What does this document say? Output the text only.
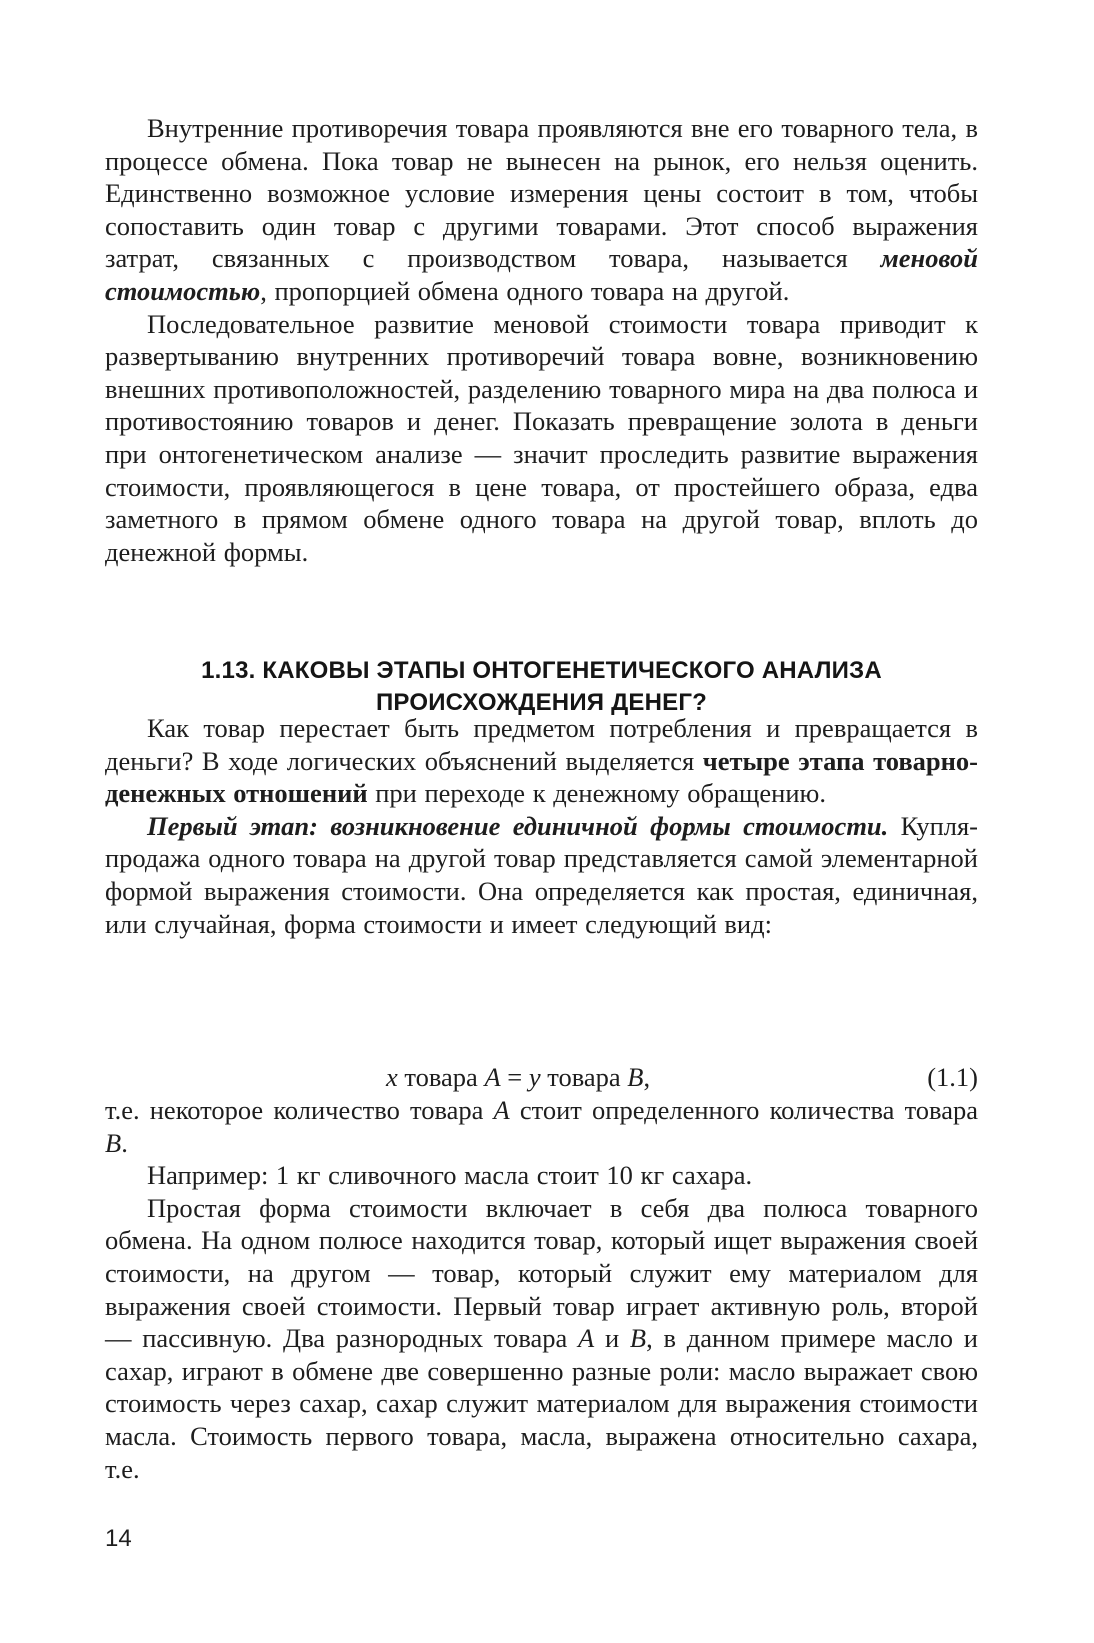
Внутренние противоречия товара проявляются вне его товарного тела, в процессе обмена. Пока товар не вынесен на рынок, его нельзя оценить. Единственно возможное условие измерения цены состоит в том, чтобы сопоставить один товар с другими товарами. Этот способ выражения затрат, связанных с производством товара, называется меновой стоимостью, пропорцией обмена одного товара на другой.

Последовательное развитие меновой стоимости товара приводит к развертыванию внутренних противоречий товара вовне, возникновению внешних противоположностей, разделению товарного мира на два полюса и противостоянию товаров и денег. Показать превращение золота в деньги при онтогенетическом анализе — значит проследить развитие выражения стоимости, проявляющегося в цене товара, от простейшего образа, едва заметного в прямом обмене одного товара на другой товар, вплоть до денежной формы.

1.13. КАКОВЫ ЭТАПЫ ОНТОГЕНЕТИЧЕСКОГО АНАЛИЗА
ПРОИСХОЖДЕНИЯ ДЕНЕГ?

Как товар перестает быть предметом потребления и превращается в деньги? В ходе логических объяснений выделяется четыре этапа товарно-денежных отношений при переходе к денежному обращению.

Первый этап: возникновение единичной формы стоимости. Купля-продажа одного товара на другой товар представляется самой элементарной формой выражения стоимости. Она определяется как простая, единичная, или случайная, форма стоимости и имеет следующий вид:

x товара A = y товара B,	(1.1)

т.е. некоторое количество товара A стоит определенного количества товара B.

Например: 1 кг сливочного масла стоит 10 кг сахара.

Простая форма стоимости включает в себя два полюса товарного обмена. На одном полюсе находится товар, который ищет выражения своей стоимости, на другом — товар, который служит ему материалом для выражения своей стоимости. Первый товар играет активную роль, второй — пассивную. Два разнородных товара A и B, в данном примере масло и сахар, играют в обмене две совершенно разные роли: масло выражает свою стоимость через сахар, сахар служит материалом для выражения стоимости масла. Стоимость первого товара, масла, выражена относительно сахара, т.е.

14
